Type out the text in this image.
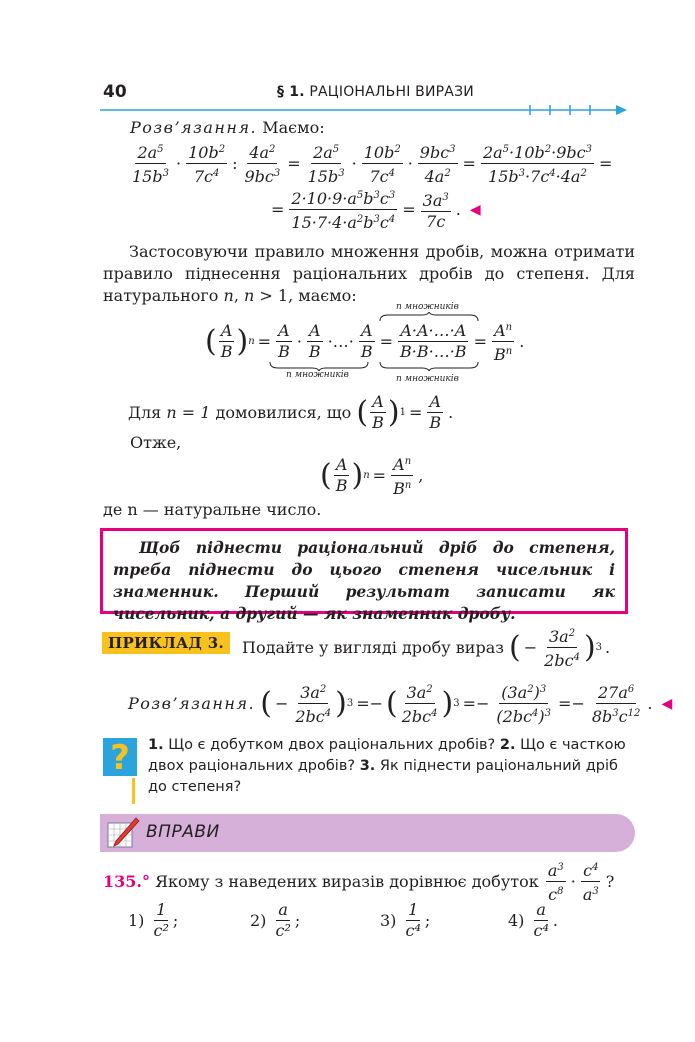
40	§ 1. РАЦІОНАЛЬНІ ВИРАЗИ
Розв’язання. Маємо:
$2a^5$
$15b^3$
·
$10b^2$
$7c^4$
: $\frac{4a^2}{9bc^3} = \frac{2a^5}{15b^3}$ ·
$10b^2$
$7c^4$
· $\frac{9bc^3}{4a^2} = \frac{2a^5\cdot 10b^2\cdot 9bc^3}{15b^3\cdot 7c^4\cdot 4a^2}$ =
= $\frac{2\cdot 10\cdot 9\cdot a^5b^3c^3}{15\cdot 7\cdot 4\cdot a^2b^3c^4} = \frac{3a^3}{7c}$ . ◀
Застосовуючи правило множення дробів, можна отримати правило піднесення раціональних дробів до степеня. Для натурального n, n > 1, маємо:
n множників
( A
B ) $n = \frac{A}{B}$ ·
A
B
·…· $\frac{A}{B} = \frac{A\cdot A\cdot\dots\cdot A}{B\cdot B\cdot\dots\cdot B} = \frac{A^n}{B^n}$ .
n множників	n множників
Для
n = 1
домовилися, що
( A
B ) $1 = \frac{A}{B}$ .
Отже,
( A
B ) $n = \frac{A^n}{B^n}$ ,
де n — натуральне число.
Щоб піднести раціональний дріб до степеня, треба піднести до цього степеня чисельник і знаменник. Перший результат записати як чисельник, а другий — як знаменник дробу.
ПРИКЛАД 3.	Подайте у вигляді дробу вираз
( − $\frac{3a^2}{2bc^4}$ ) 3 .
Розв’язання.
( − $\frac{3a^2}{2bc^4}$ ) 3 =− ( $3a^2$
$2bc^4$ ) $3 =- \frac{(3a^2)^3}{(2bc^4)^3} =- \frac{27a^6}{8b^3c^{12}}$ . ◀
? 1. Що є добутком двох раціональних дробів? 2. Що є часткою двох раціональних дробів? 3. Як піднести раціональний дріб до степеня?
ВПРАВИ
135.°
Якому з наведених виразів дорівнює добуток

$a^3$
$c^8$
·
$c^4$
$a^3$
?
1)
$\frac{1}{\text{c²}}$ ;	2)
$\frac{a}{\text{c²}}$ ;	3)
$\frac{1}{\text{c⁴}}$ ;	4)
$\frac{a}{\text{c⁴}}$ .
